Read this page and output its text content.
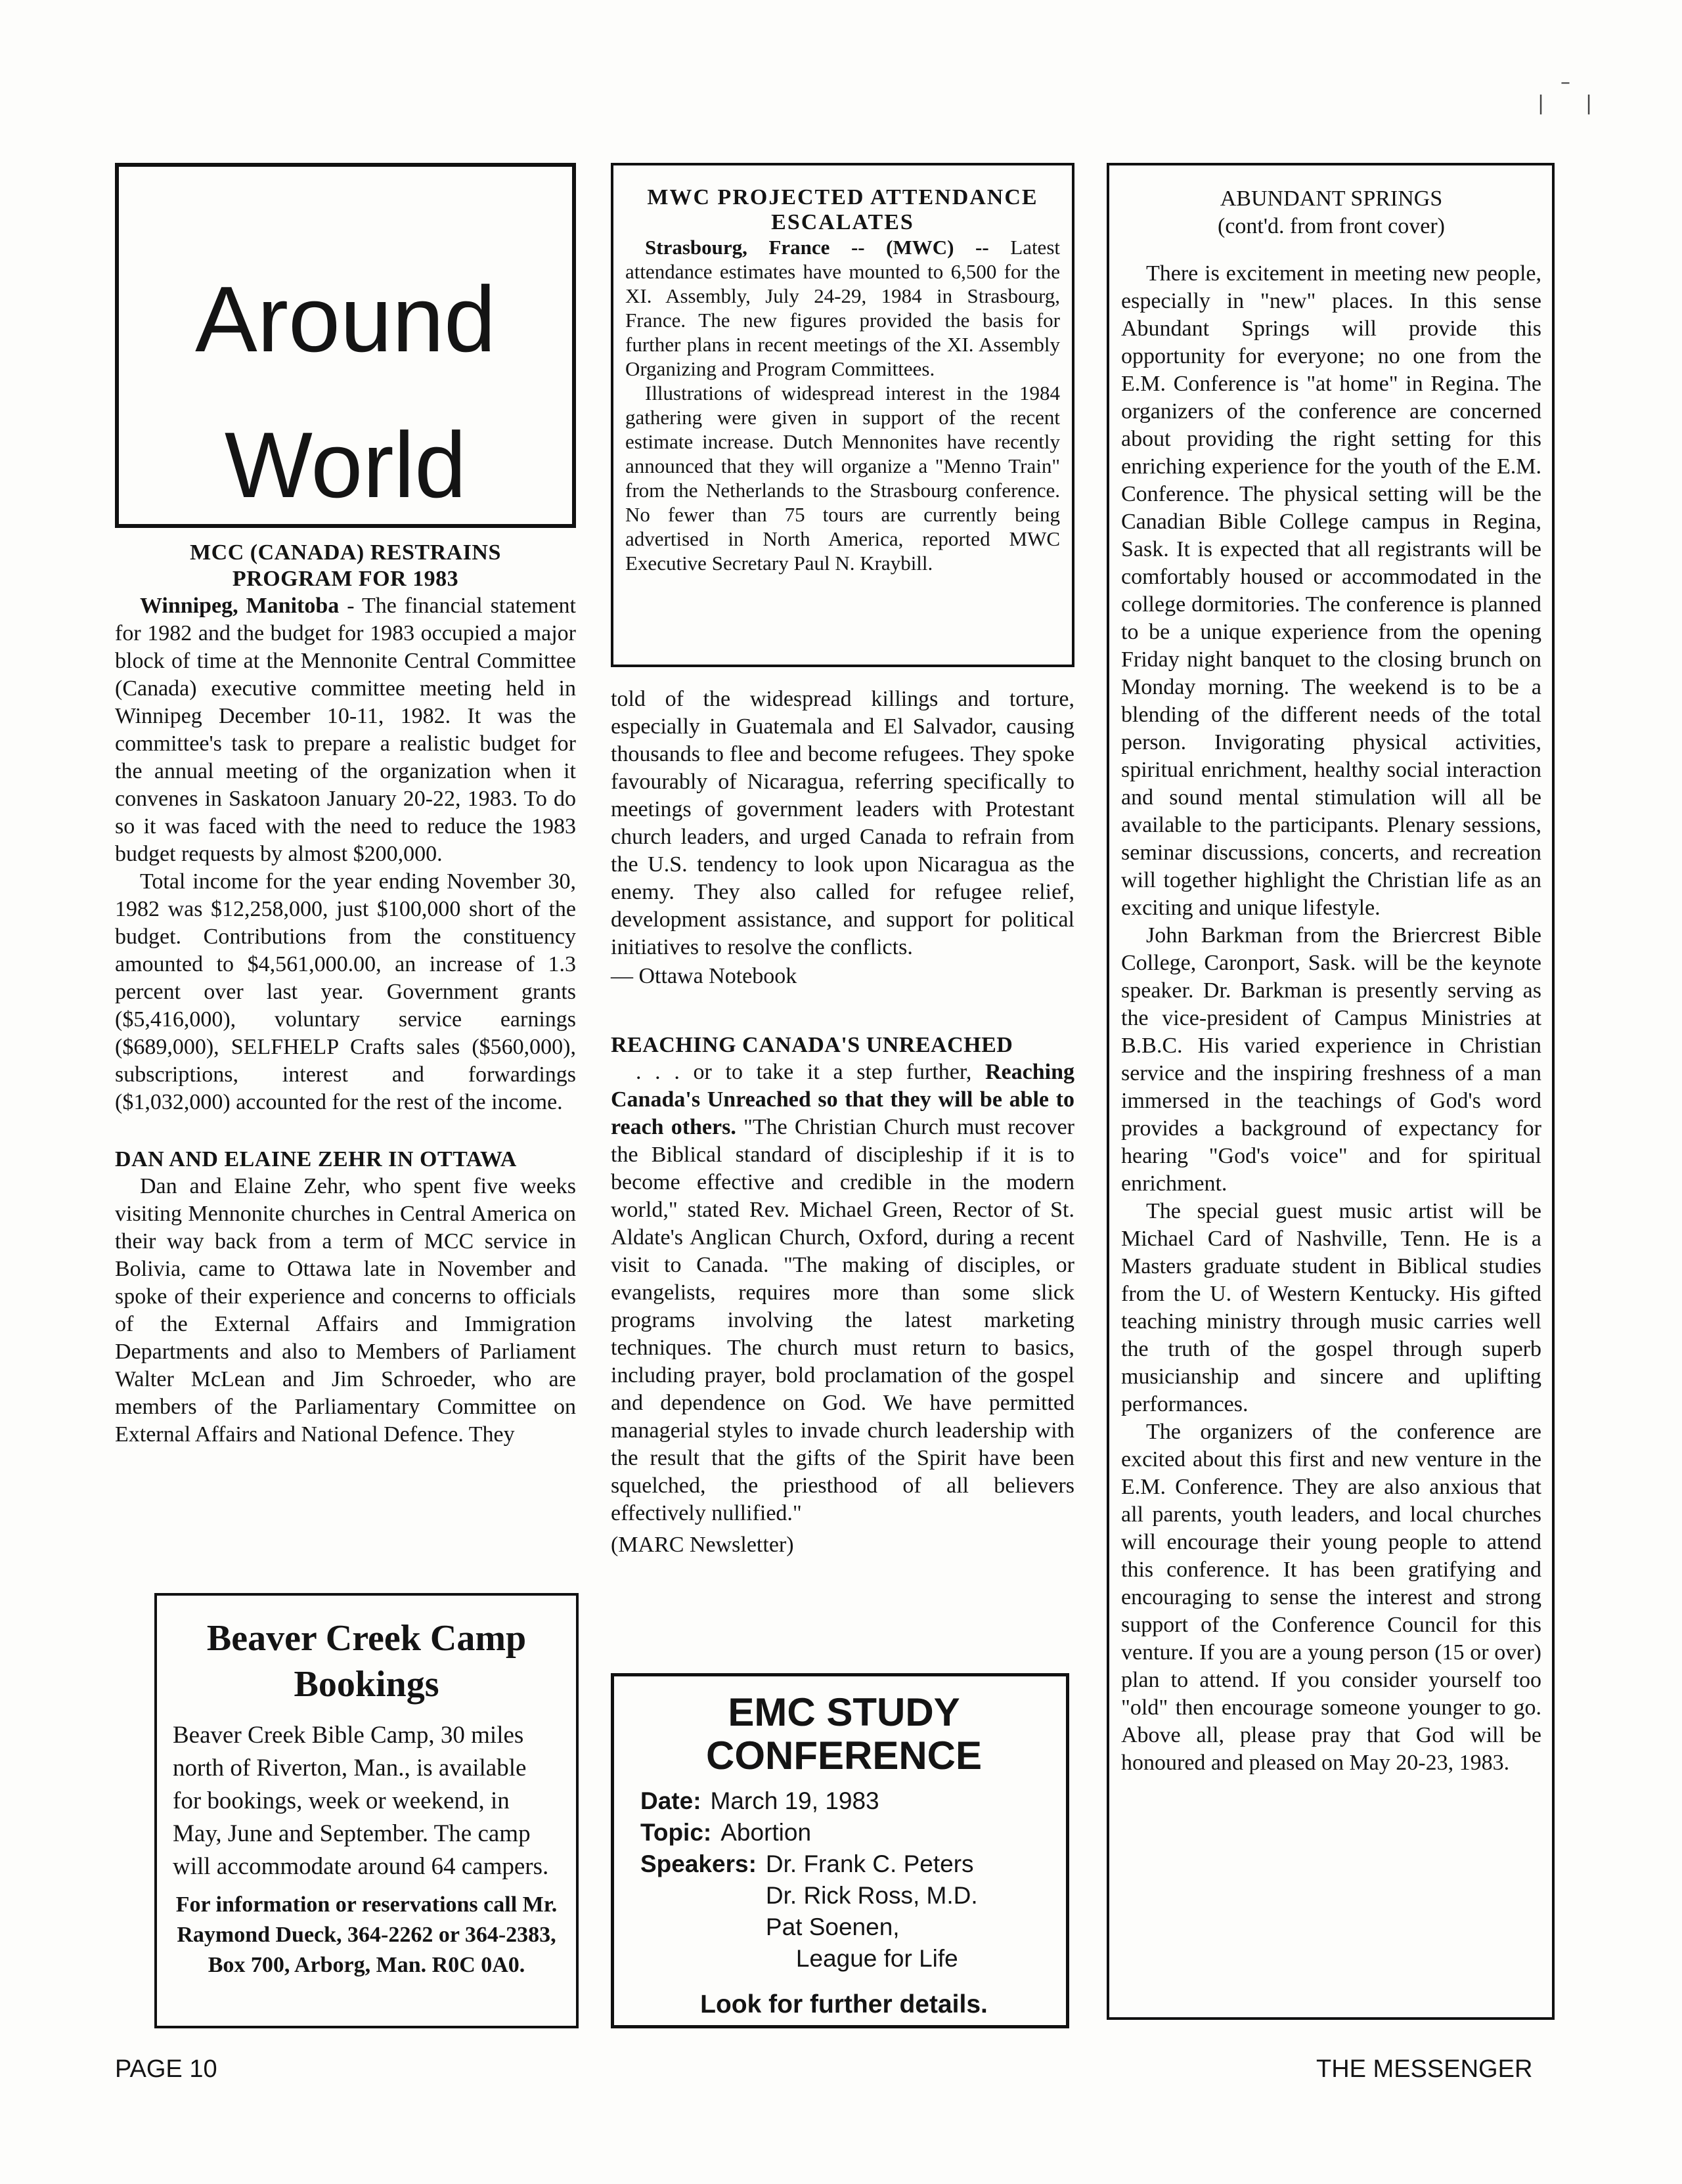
Around
World
MCC (CANADA) RESTRAINS
PROGRAM FOR 1983

Winnipeg, Manitoba - The financial statement for 1982 and the budget for 1983 occupied a major block of time at the Mennonite Central Committee (Canada) executive committee meeting held in Winnipeg December 10-11, 1982. It was the committee's task to prepare a realistic budget for the annual meeting of the organization when it convenes in Saskatoon January 20-22, 1983. To do so it was faced with the need to reduce the 1983 budget requests by almost $200,000.

Total income for the year ending November 30, 1982 was $12,258,000, just $100,000 short of the budget. Contributions from the constituency amounted to $4,561,000.00, an increase of 1.3 percent over last year. Government grants ($5,416,000), voluntary service earnings ($689,000), SELFHELP Crafts sales ($560,000), subscriptions, interest and forwardings ($1,032,000) accounted for the rest of the income.

DAN AND ELAINE ZEHR IN OTTAWA

Dan and Elaine Zehr, who spent five weeks visiting Mennonite churches in Central America on their way back from a term of MCC service in Bolivia, came to Ottawa late in November and spoke of their experience and concerns to officials of the External Affairs and Immigration Departments and also to Members of Parliament Walter McLean and Jim Schroeder, who are members of the Parliamentary Committee on External Affairs and National Defence. They

Beaver Creek Camp
Bookings

Beaver Creek Bible Camp, 30 miles north of Riverton, Man., is available for bookings, week or weekend, in May, June and September. The camp will accommodate around 64 campers.

For information or reservations call Mr. Raymond Dueck, 364-2262 or 364-2383, Box 700, Arborg, Man. R0C 0A0.
MWC PROJECTED ATTENDANCE
ESCALATES

Strasbourg, France -- (MWC) -- Latest attendance estimates have mounted to 6,500 for the XI. Assembly, July 24-29, 1984 in Strasbourg, France. The new figures provided the basis for further plans in recent meetings of the XI. Assembly Organizing and Program Committees.

Illustrations of widespread interest in the 1984 gathering were given in support of the recent estimate increase. Dutch Mennonites have recently announced that they will organize a "Menno Train" from the Netherlands to the Strasbourg conference. No fewer than 75 tours are currently being advertised in North America, reported MWC Executive Secretary Paul N. Kraybill.

told of the widespread killings and torture, especially in Guatemala and El Salvador, causing thousands to flee and become refugees. They spoke favourably of Nicaragua, referring specifically to meetings of government leaders with Protestant church leaders, and urged Canada to refrain from the U.S. tendency to look upon Nicaragua as the enemy. They also called for refugee relief, development assistance, and support for political initiatives to resolve the conflicts.

— Ottawa Notebook

REACHING CANADA'S UNREACHED

. . . or to take it a step further, Reaching Canada's Unreached so that they will be able to reach others. "The Christian Church must recover the Biblical standard of discipleship if it is to become effective and credible in the modern world," stated Rev. Michael Green, Rector of St. Aldate's Anglican Church, Oxford, during a recent visit to Canada. "The making of disciples, or evangelists, requires more than some slick programs involving the latest marketing techniques. The church must return to basics, including prayer, bold proclamation of the gospel and dependence on God. We have permitted managerial styles to invade church leadership with the result that the gifts of the Spirit have been squelched, the priesthood of all believers effectively nullified."

(MARC Newsletter)

EMC STUDY
CONFERENCE
Date: March 19, 1983
Topic: Abortion
Speakers: Dr. Frank C. Peters
Dr. Rick Ross, M.D.
Pat Soenen,
League for Life
Look for further details.
ABUNDANT SPRINGS
(cont'd. from front cover)

There is excitement in meeting new people, especially in "new" places. In this sense Abundant Springs will provide this opportunity for everyone; no one from the E.M. Conference is "at home" in Regina. The organizers of the conference are concerned about providing the right setting for this enriching experience for the youth of the E.M. Conference. The physical setting will be the Canadian Bible College campus in Regina, Sask. It is expected that all registrants will be comfortably housed or accommodated in the college dormitories. The conference is planned to be a unique experience from the opening Friday night banquet to the closing brunch on Monday morning. The weekend is to be a blending of the different needs of the total person. Invigorating physical activities, spiritual enrichment, healthy social interaction and sound mental stimulation will all be available to the participants. Plenary sessions, seminar discussions, concerts, and recreation will together highlight the Christian life as an exciting and unique lifestyle.

John Barkman from the Briercrest Bible College, Caronport, Sask. will be the keynote speaker. Dr. Barkman is presently serving as the vice-president of Campus Ministries at B.B.C. His varied experience in Christian service and the inspiring freshness of a man immersed in the teachings of God's word provides a background of expectancy for hearing "God's voice" and for spiritual enrichment.

The special guest music artist will be Michael Card of Nashville, Tenn. He is a Masters graduate student in Biblical studies from the U. of Western Kentucky. His gifted teaching ministry through music carries well the truth of the gospel through superb musicianship and sincere and uplifting performances.

The organizers of the conference are excited about this first and new venture in the E.M. Conference. They are also anxious that all parents, youth leaders, and local churches will encourage their young people to attend this conference. It has been gratifying and encouraging to sense the interest and strong support of the Conference Council for this venture. If you are a young person (15 or over) plan to attend. If you consider yourself too "old" then encourage someone younger to go. Above all, please pray that God will be honoured and pleased on May 20-23, 1983.

PAGE 10	THE MESSENGER
–
| |
